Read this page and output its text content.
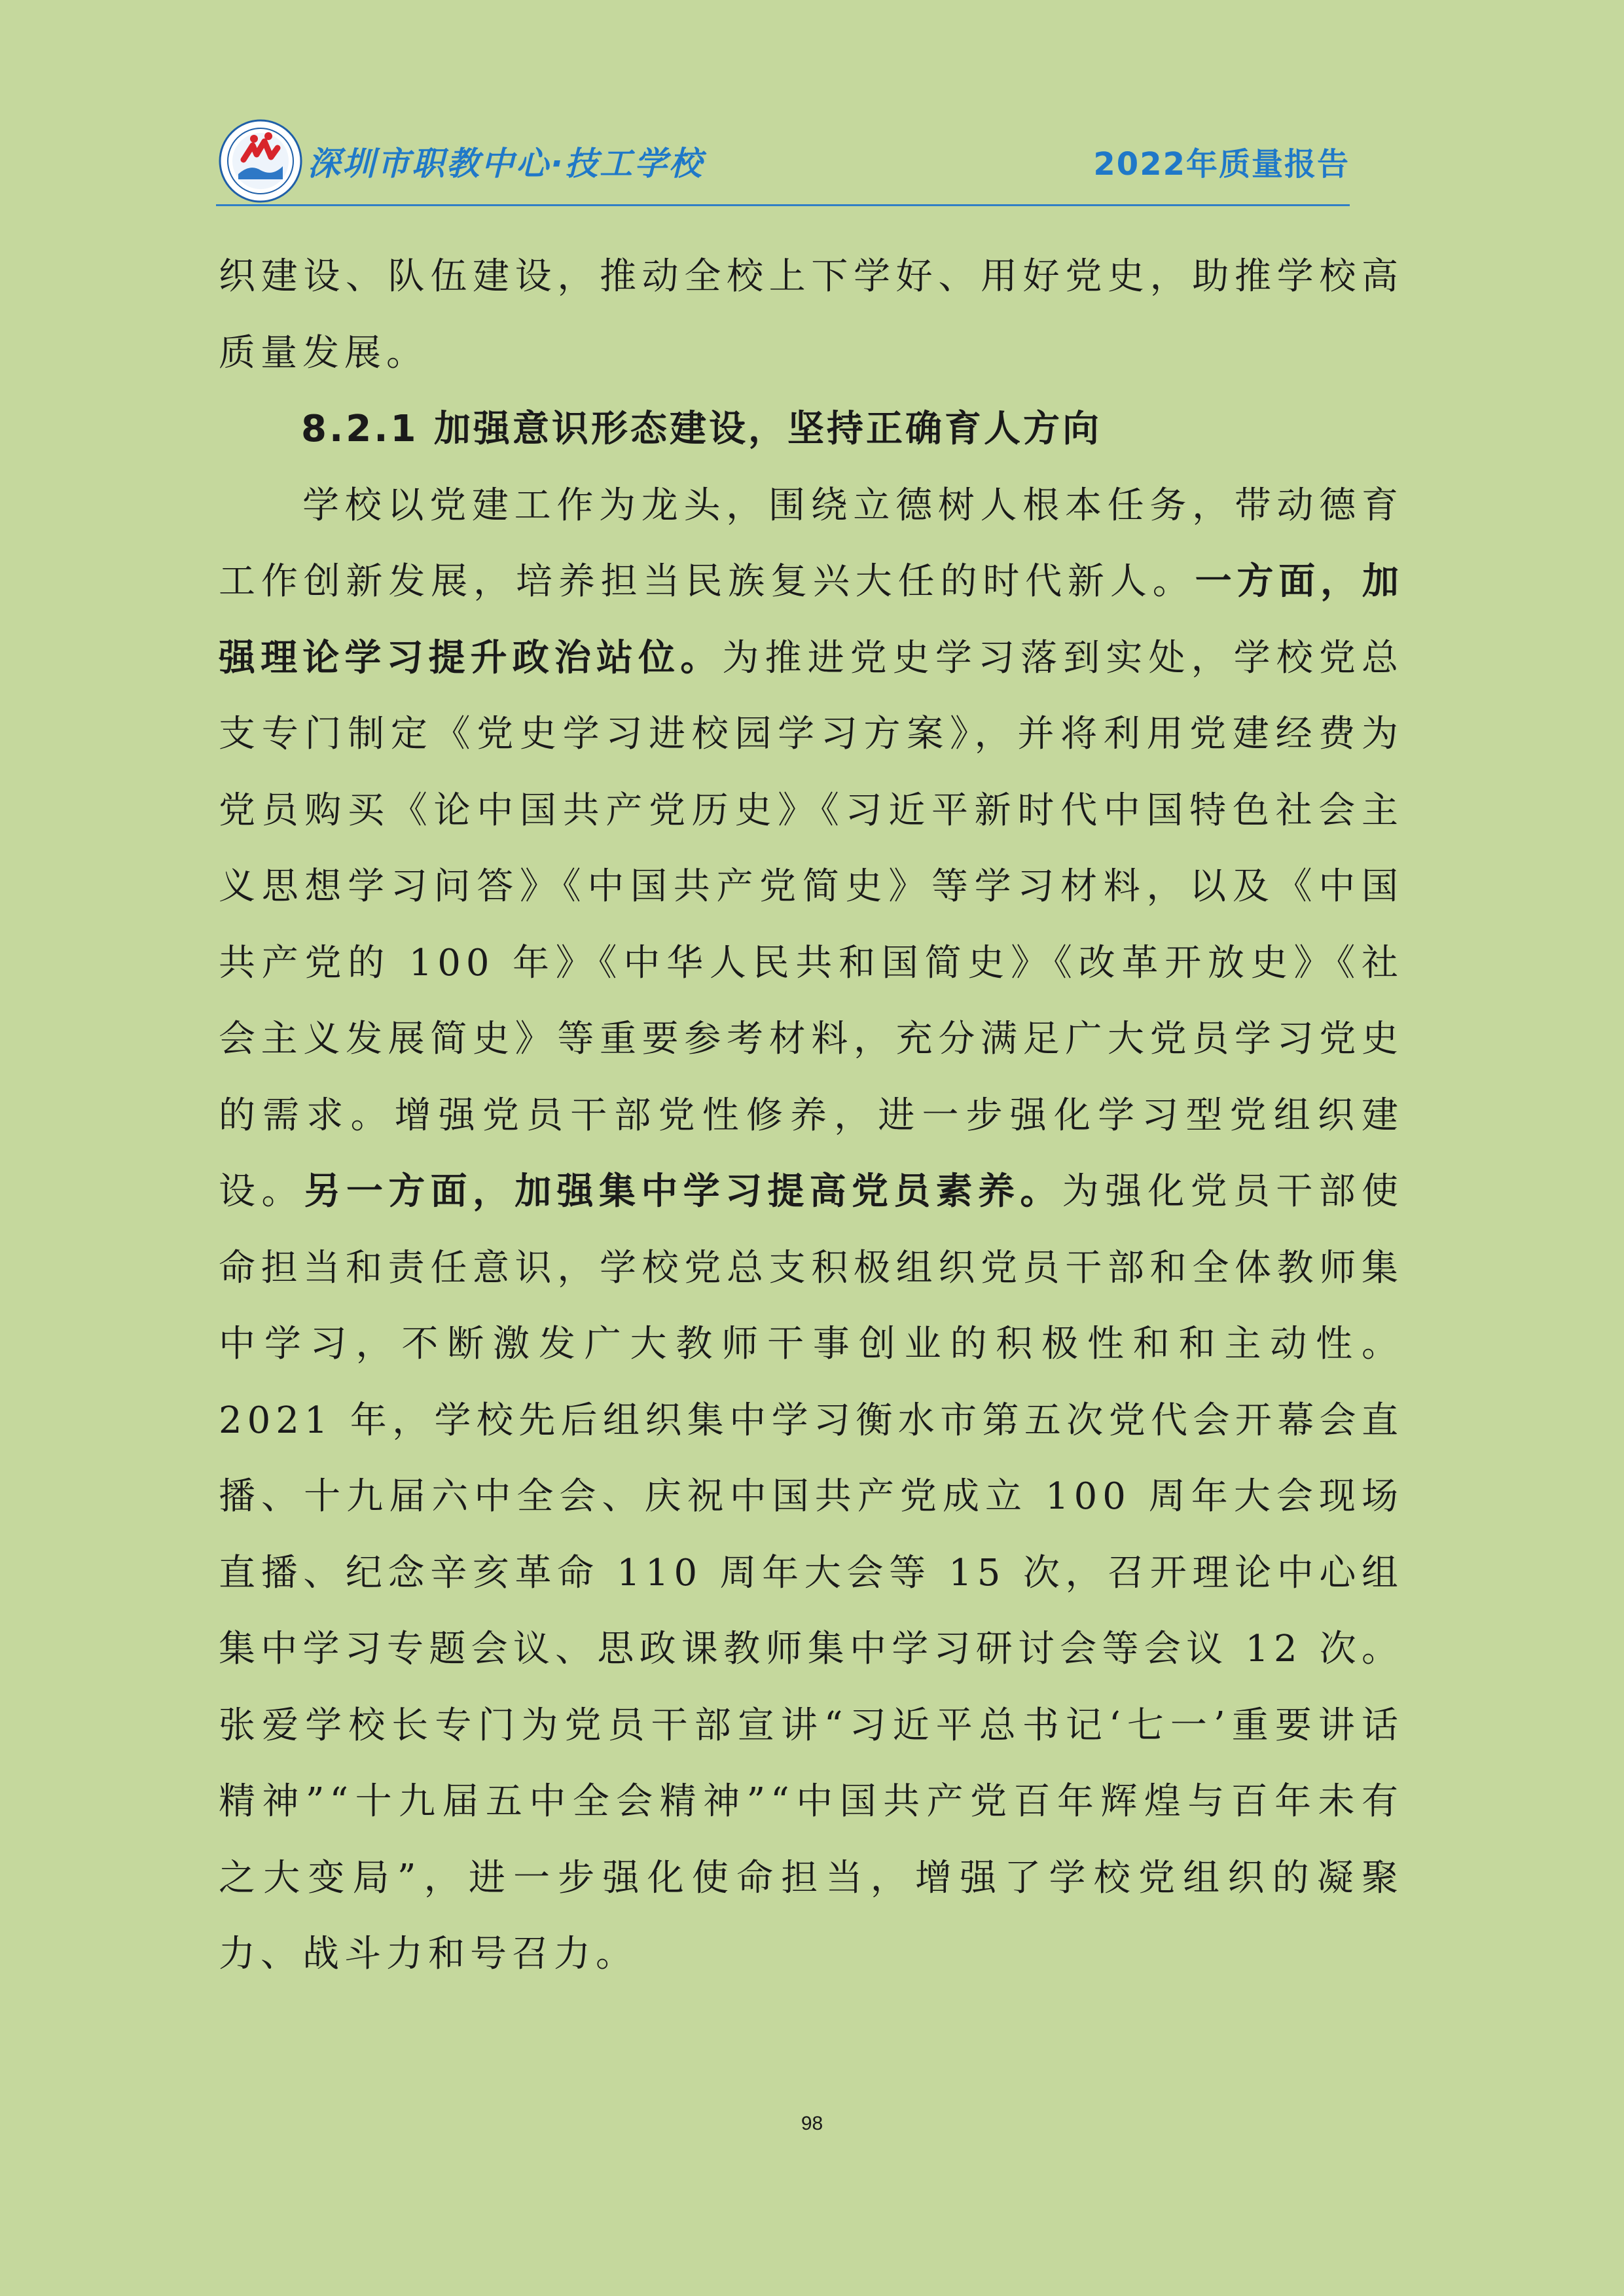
深圳市职教中心·技工学校	2022年质量报告

织建设、队伍建设，推动全校上下学好、用好党史，助推学校高质量发展。

8.2.1 加强意识形态建设，坚持正确育人方向

学校以党建工作为龙头，围绕立德树人根本任务，带动德育工作创新发展，培养担当民族复兴大任的时代新人。一方面，加强理论学习提升政治站位。为推进党史学习落到实处，学校党总支专门制定《党史学习进校园学习方案》，并将利用党建经费为党员购买《论中国共产党历史》《习近平新时代中国特色社会主义思想学习问答》《中国共产党简史》等学习材料，以及《中国共产党的 100 年》《中华人民共和国简史》《改革开放史》《社会主义发展简史》等重要参考材料，充分满足广大党员学习党史的需求。增强党员干部党性修养，进一步强化学习型党组织建设。另一方面，加强集中学习提高党员素养。为强化党员干部使命担当和责任意识，学校党总支积极组织党员干部和全体教师集中学习，不断激发广大教师干事创业的积极性和和主动性。2021 年，学校先后组织集中学习衡水市第五次党代会开幕会直播、十九届六中全会、庆祝中国共产党成立 100 周年大会现场直播、纪念辛亥革命 110 周年大会等 15 次，召开理论中心组集中学习专题会议、思政课教师集中学习研讨会等会议 12 次。张爱学校长专门为党员干部宣讲“习近平总书记‘七一’重要讲话精神”“十九届五中全会精神”“中国共产党百年辉煌与百年未有之大变局”，进一步强化使命担当，增强了学校党组织的凝聚力、战斗力和号召力。

98
